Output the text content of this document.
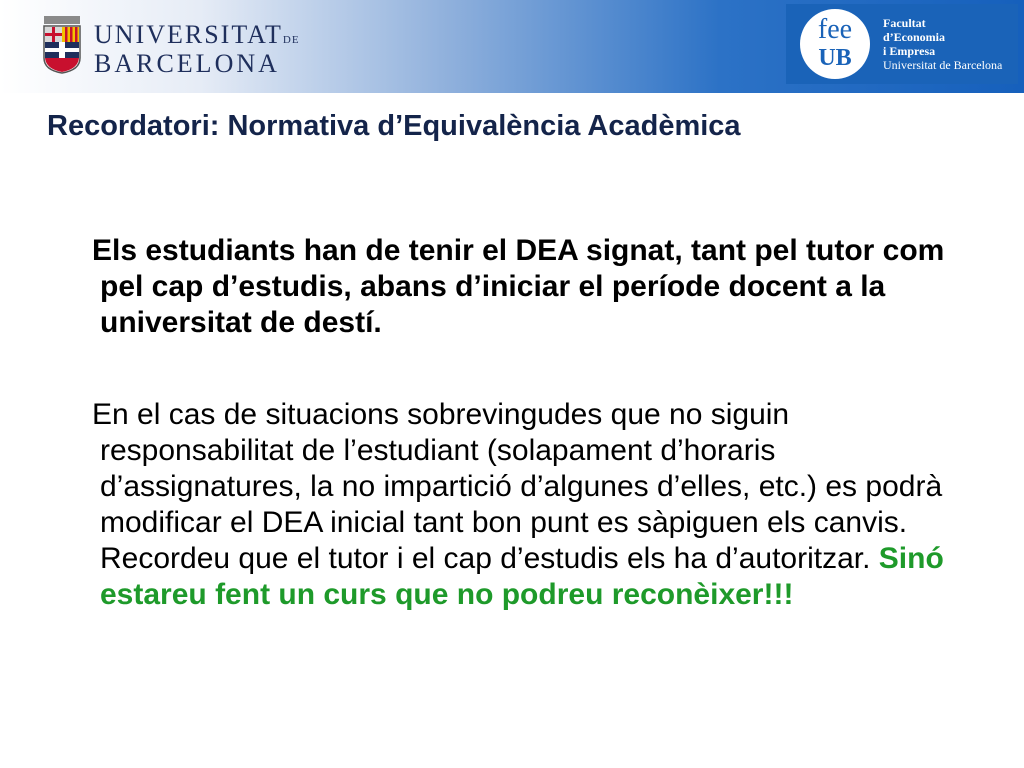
UNIVERSITATDE
BARCELONA
fee
UB
Facultat
d’Economia
i Empresa
Universitat de Barcelona
Recordatori: Normativa d’Equivalència Acadèmica

Els estudiants han de tenir el DEA signat, tant pel tutor com pel cap d’estudis, abans d’iniciar el període docent a la universitat de destí.

En el cas de situacions sobrevingudes que no siguin responsabilitat de l’estudiant (solapament d’horaris d’assignatures, la no impartició d’algunes d’elles, etc.) es podrà modificar el DEA inicial tant bon punt es sàpiguen els canvis. Recordeu que el tutor i el cap d’estudis els ha d’autoritzar. Sinó estareu fent un curs que no podreu reconèixer!!!
